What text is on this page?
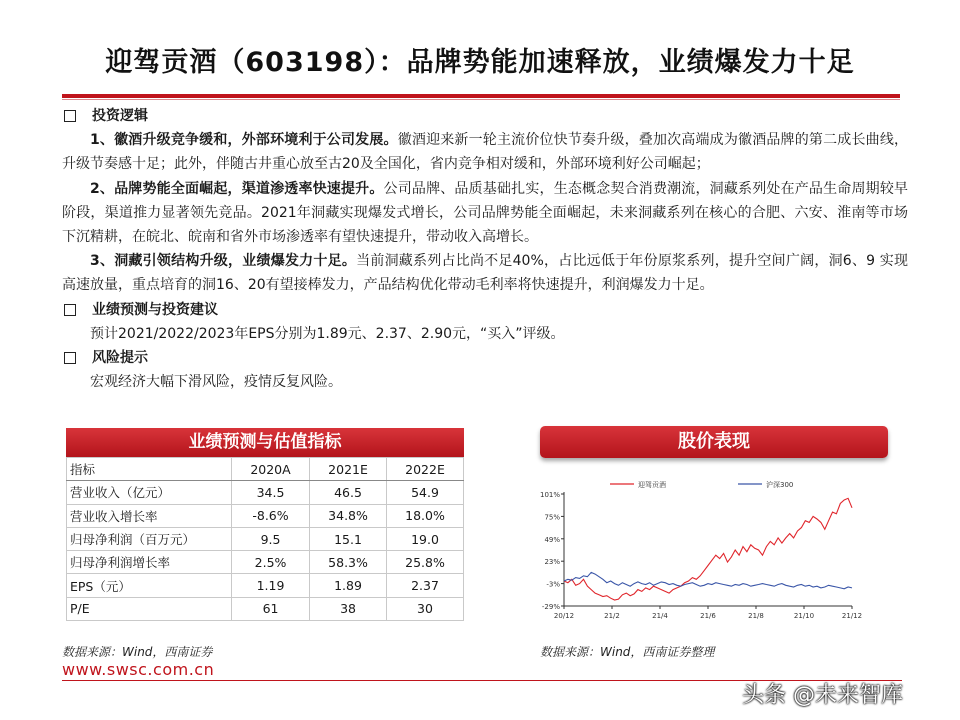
迎驾贡酒（603198）：品牌势能加速释放，业绩爆发力十足
投资逻辑
1、徽酒升级竞争缓和，外部环境利于公司发展。徽酒迎来新一轮主流价位快节奏升级，叠加次高端成为徽酒品牌的第二成长曲线，升级节奏感十足；此外，伴随古井重心放至古20及全国化，省内竞争相对缓和，外部环境利好公司崛起；
2、品牌势能全面崛起，渠道渗透率快速提升。公司品牌、品质基础扎实，生态概念契合消费潮流，洞藏系列处在产品生命周期较早阶段，渠道推力显著领先竞品。2021年洞藏实现爆发式增长，公司品牌势能全面崛起，未来洞藏系列在核心的合肥、六安、淮南等市场下沉精耕，在皖北、皖南和省外市场渗透率有望快速提升，带动收入高增长。
3、洞藏引领结构升级，业绩爆发力十足。当前洞藏系列占比尚不足40%，占比远低于年份原浆系列，提升空间广阔，洞6、9 实现高速放量，重点培育的洞16、20有望接棒发力，产品结构优化带动毛利率将快速提升，利润爆发力十足。
业绩预测与投资建议
预计2021/2022/2023年EPS分别为1.89元、2.37、2.90元，“买入”评级。
风险提示
宏观经济大幅下滑风险，疫情反复风险。
业绩预测与估值指标
指标	2020A	2021E	2022E
营业收入（亿元）	34.5	46.5	54.9
营业收入增长率	-8.6%	34.8%	18.0%
归母净利润（百万元）	9.5	15.1	19.0
归母净利润增长率	2.5%	58.3%	25.8%
EPS（元）	1.19	1.89	2.37
P/E	61	38	30
数据来源：Wind，西南证券
股价表现
101%
75%
49%
23%
-3%
-29%
20/12	21/2	21/4	21/6	21/8	21/10	21/12
迎驾贡酒	沪深300
数据来源：Wind，西南证券整理
www.swsc.com.cn
头条 @未来智库
